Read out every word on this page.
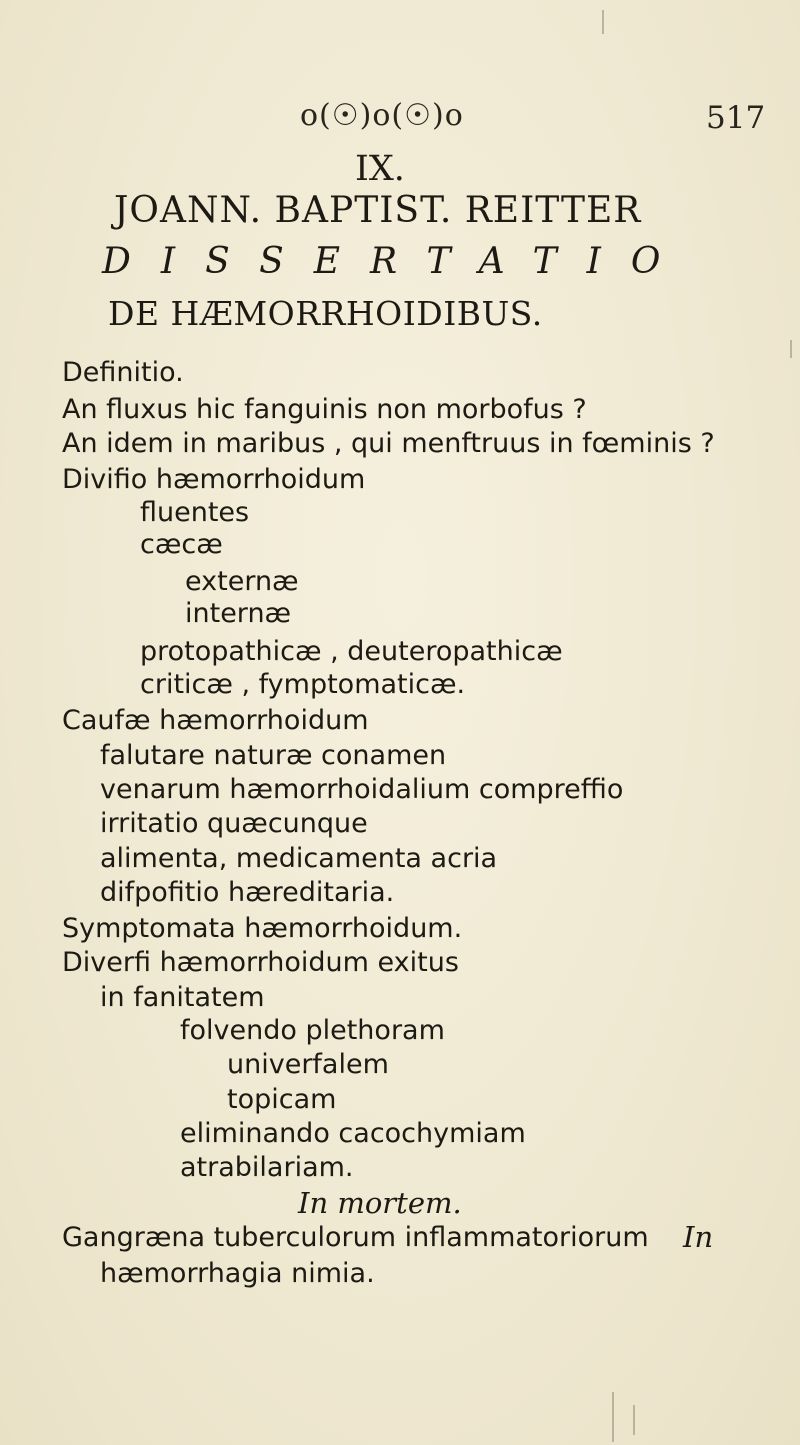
o(☉)o(☉)o	517
IX.
JOANN. BAPTIST. REITTER
DISSERTATIO
DE HÆMORRHOIDIBUS.
Definitio.
An fluxus hic fanguinis non morbofus ?
An idem in maribus , qui menftruus in fœminis ?
Divifio hæmorrhoidum
fluentes
cæcæ
externæ
internæ
protopathicæ , deuteropathicæ
criticæ , fymptomaticæ.
Caufæ hæmorrhoidum
falutare naturæ conamen
venarum hæmorrhoidalium compreffio
irritatio quæcunque
alimenta, medicamenta acria
difpofitio hæreditaria.
Symptomata hæmorrhoidum.
Diverfi hæmorrhoidum exitus
in fanitatem
folvendo plethoram
univerfalem
topicam
eliminando cacochymiam
atrabilariam.
In mortem.
Gangræna tuberculorum inflammatoriorum
hæmorrhagia nimia.
In
